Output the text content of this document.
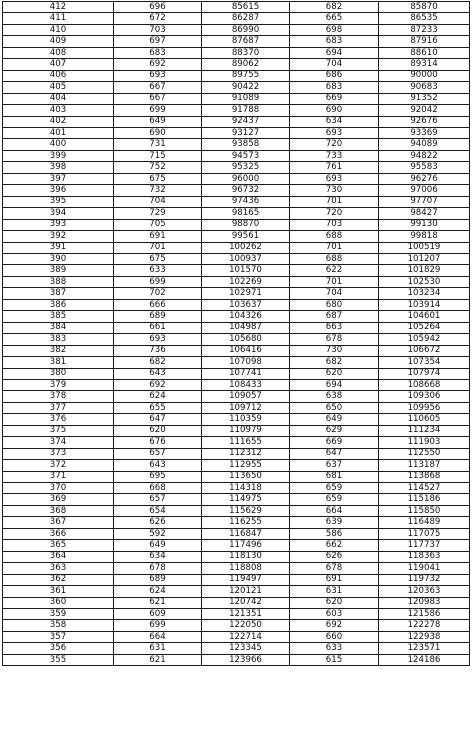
412	696	85615	682	85870
411	672	86287	665	86535
410	703	86990	698	87233
409	697	87687	683	87916
408	683	88370	694	88610
407	692	89062	704	89314
406	693	89755	686	90000
405	667	90422	683	90683
404	667	91089	669	91352
403	699	91788	690	92042
402	649	92437	634	92676
401	690	93127	693	93369
400	731	93858	720	94089
399	715	94573	733	94822
398	752	95325	761	95583
397	675	96000	693	96276
396	732	96732	730	97006
395	704	97436	701	97707
394	729	98165	720	98427
393	705	98870	703	99130
392	691	99561	688	99818
391	701	100262	701	100519
390	675	100937	688	101207
389	633	101570	622	101829
388	699	102269	701	102530
387	702	102971	704	103234
386	666	103637	680	103914
385	689	104326	687	104601
384	661	104987	663	105264
383	693	105680	678	105942
382	736	106416	730	106672
381	682	107098	682	107354
380	643	107741	620	107974
379	692	108433	694	108668
378	624	109057	638	109306
377	655	109712	650	109956
376	647	110359	649	110605
375	620	110979	629	111234
374	676	111655	669	111903
373	657	112312	647	112550
372	643	112955	637	113187
371	695	113650	681	113868
370	668	114318	659	114527
369	657	114975	659	115186
368	654	115629	664	115850
367	626	116255	639	116489
366	592	116847	586	117075
365	649	117496	662	117737
364	634	118130	626	118363
363	678	118808	678	119041
362	689	119497	691	119732
361	624	120121	631	120363
360	621	120742	620	120983
359	609	121351	603	121586
358	699	122050	692	122278
357	664	122714	660	122938
356	631	123345	633	123571
355	621	123966	615	124186
